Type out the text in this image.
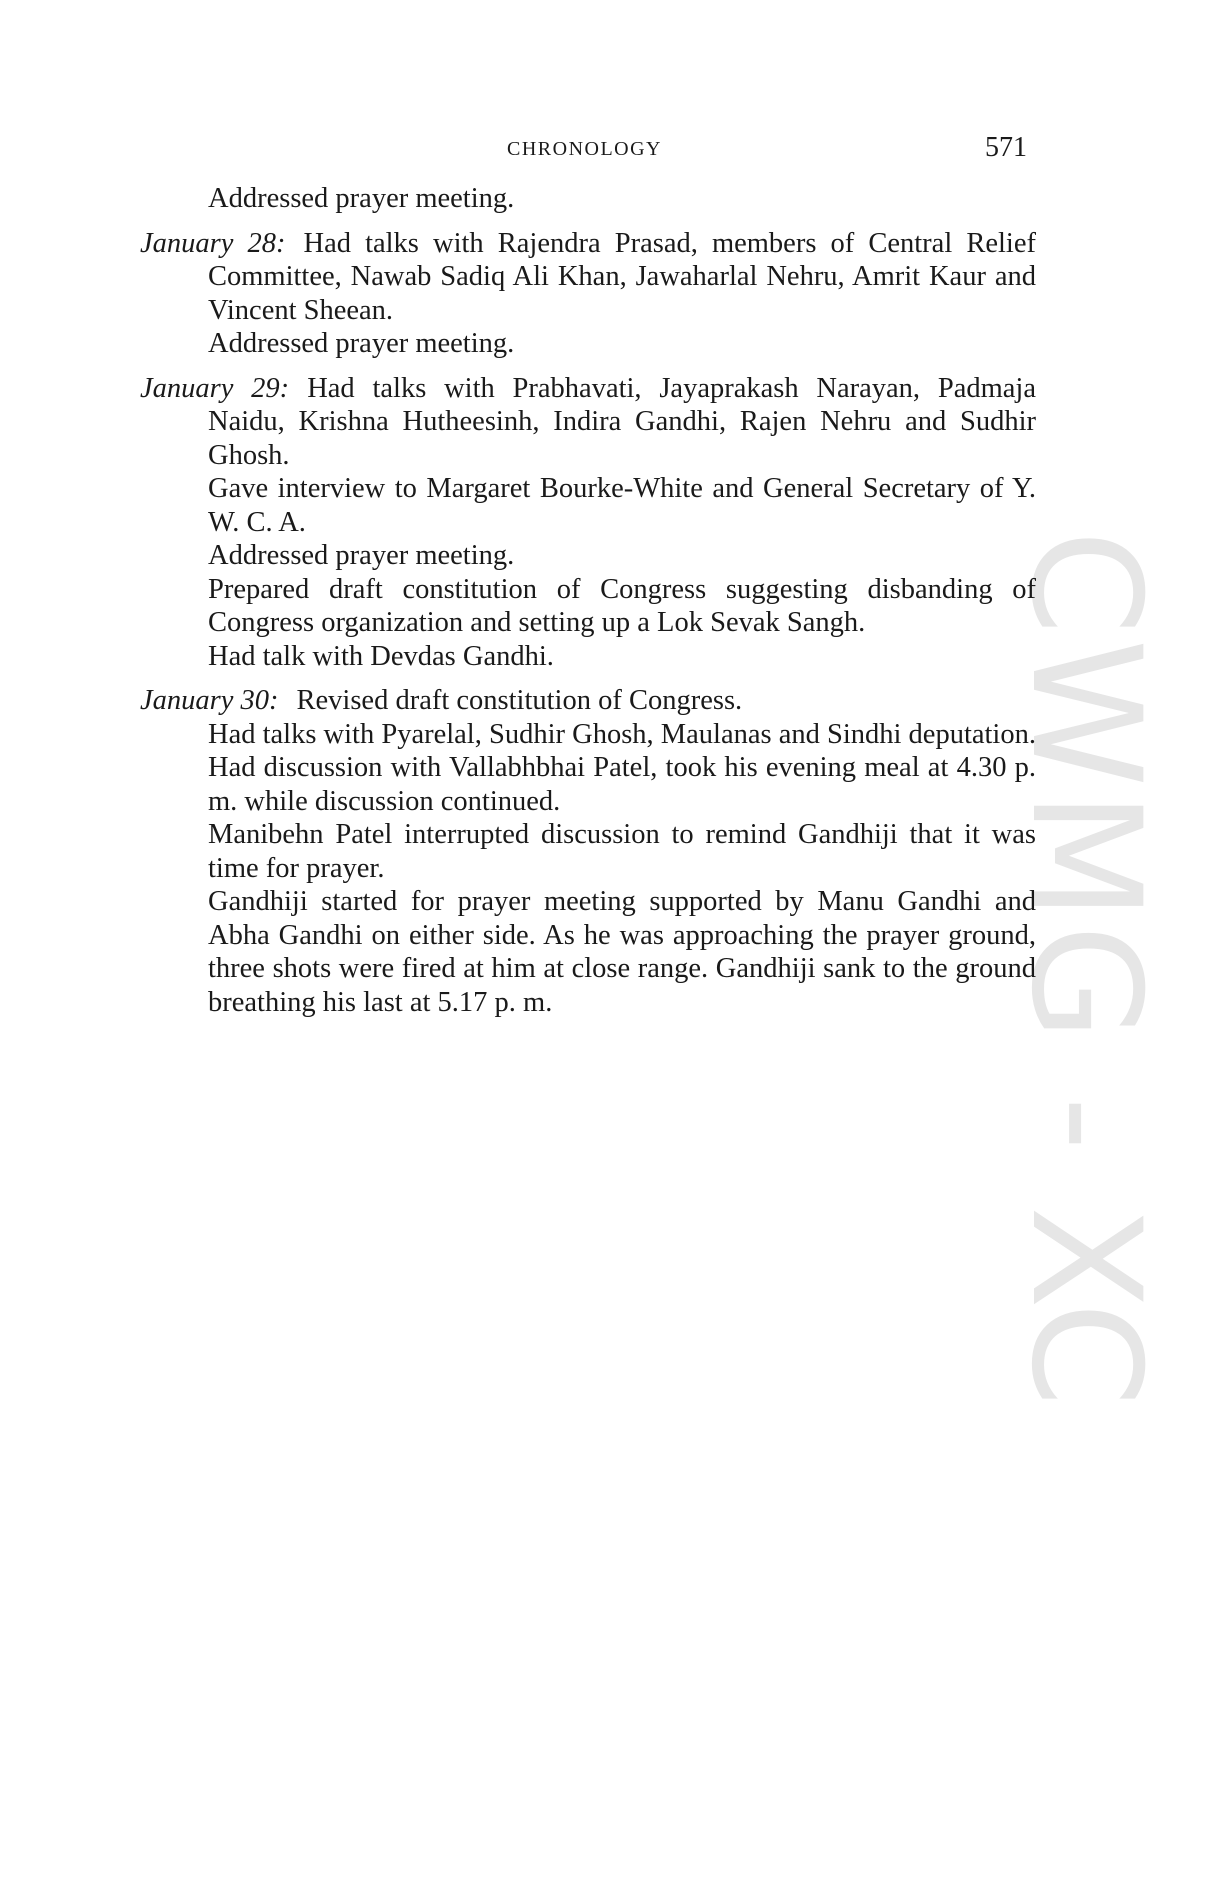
CWMG - XC
CHRONOLOGY	571

Addressed prayer meeting.

January 28: Had talks with Rajendra Prasad, members of Central Relief Committee, Nawab Sadiq Ali Khan, Jawaharlal Nehru, Amrit Kaur and Vincent Sheean.

Addressed prayer meeting.

January 29: Had talks with Prabhavati, Jayaprakash Narayan, Padmaja Naidu, Krishna Hutheesinh, Indira Gandhi, Rajen Nehru and Sudhir Ghosh.

Gave interview to Margaret Bourke-White and General Secretary of Y. W. C. A.

Addressed prayer meeting.

Prepared draft constitution of Congress suggesting disbanding of Congress organization and setting up a Lok Sevak Sangh.

Had talk with Devdas Gandhi.

January 30: Revised draft constitution of Congress.

Had talks with Pyarelal, Sudhir Ghosh, Maulanas and Sindhi deputation.

Had discussion with Vallabhbhai Patel, took his evening meal at 4.30 p. m. while discussion continued.

Manibehn Patel interrupted discussion to remind Gandhiji that it was time for prayer.

Gandhiji started for prayer meeting supported by Manu Gandhi and Abha Gandhi on either side. As he was approaching the prayer ground, three shots were fired at him at close range. Gandhiji sank to the ground breathing his last at 5.17 p. m.
